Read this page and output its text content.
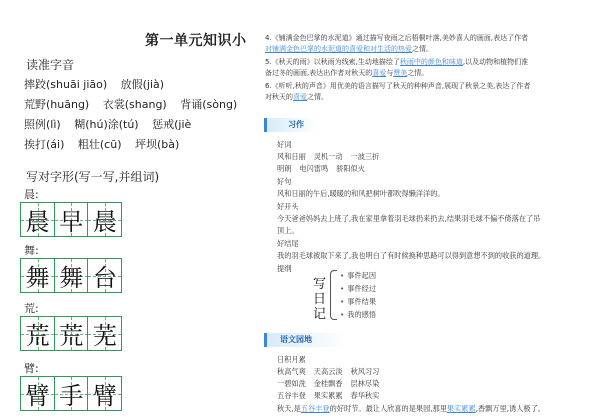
第一单元知识小
读准字音
摔跤(shuāi jiāo) 放假(jià)
荒野(huāng) 衣裳(shang) 背诵(sòng)
照例(lì) 糊(hú)涂(tú) 惩戒(jiè
挨打(ái) 粗壮(cū) 坪坝(bà)
写对字形(写一写,并组词)
晨:
晨 早 晨
舞:
舞 舞 台
荒:
荒 荒 芜
臂:
臂 手 臂
4.《铺满金色巴掌的水泥道》通过描写夜雨之后梧桐叶落,美妙喜人的画面,表达了作者
对铺满金色巴掌的水泥道的喜爱和对生活的热爱之情。
5.《秋天的雨》以秋雨为线索,生动地描绘了秋雨中的颜色和味道,以及动物和植物们准
备过冬的画面,表达出作者对秋天的喜爱与赞美之情。
6.《听听,秋的声音》用优美的语言描写了秋天的种种声音,展现了秋景之美,表达了作者
对秋天的喜爱之情。
习作
好词
风和日丽 灵机一动 一波三折
明朗 电闪雷鸣 骄阳似火
好句
风和日丽的午后,暖暖的和风把树叶都吹得懒洋洋的。
好开头
今天爸爸妈妈去上班了,我在家里拿着羽毛球扔来扔去,结果羽毛球不偏不倚落在了吊
顶上。
好结尾
我的羽毛球被取下来了,我也明白了有时候换种思路可以得到意想不到的收获的道理。
提纲
写
日
记
• 事件起因
• 事件经过
• 事件结果
• 我的感悟
语文园地
日积月累
秋高气爽 天高云淡 秋风习习
一碧如洗 金桂飘香 层林尽染
五谷丰登 果实累累 春华秋实
秋天,是五谷丰登的好时节。最让人欣喜的是果园,那里果实累累,香飘万里,诱人极了。
